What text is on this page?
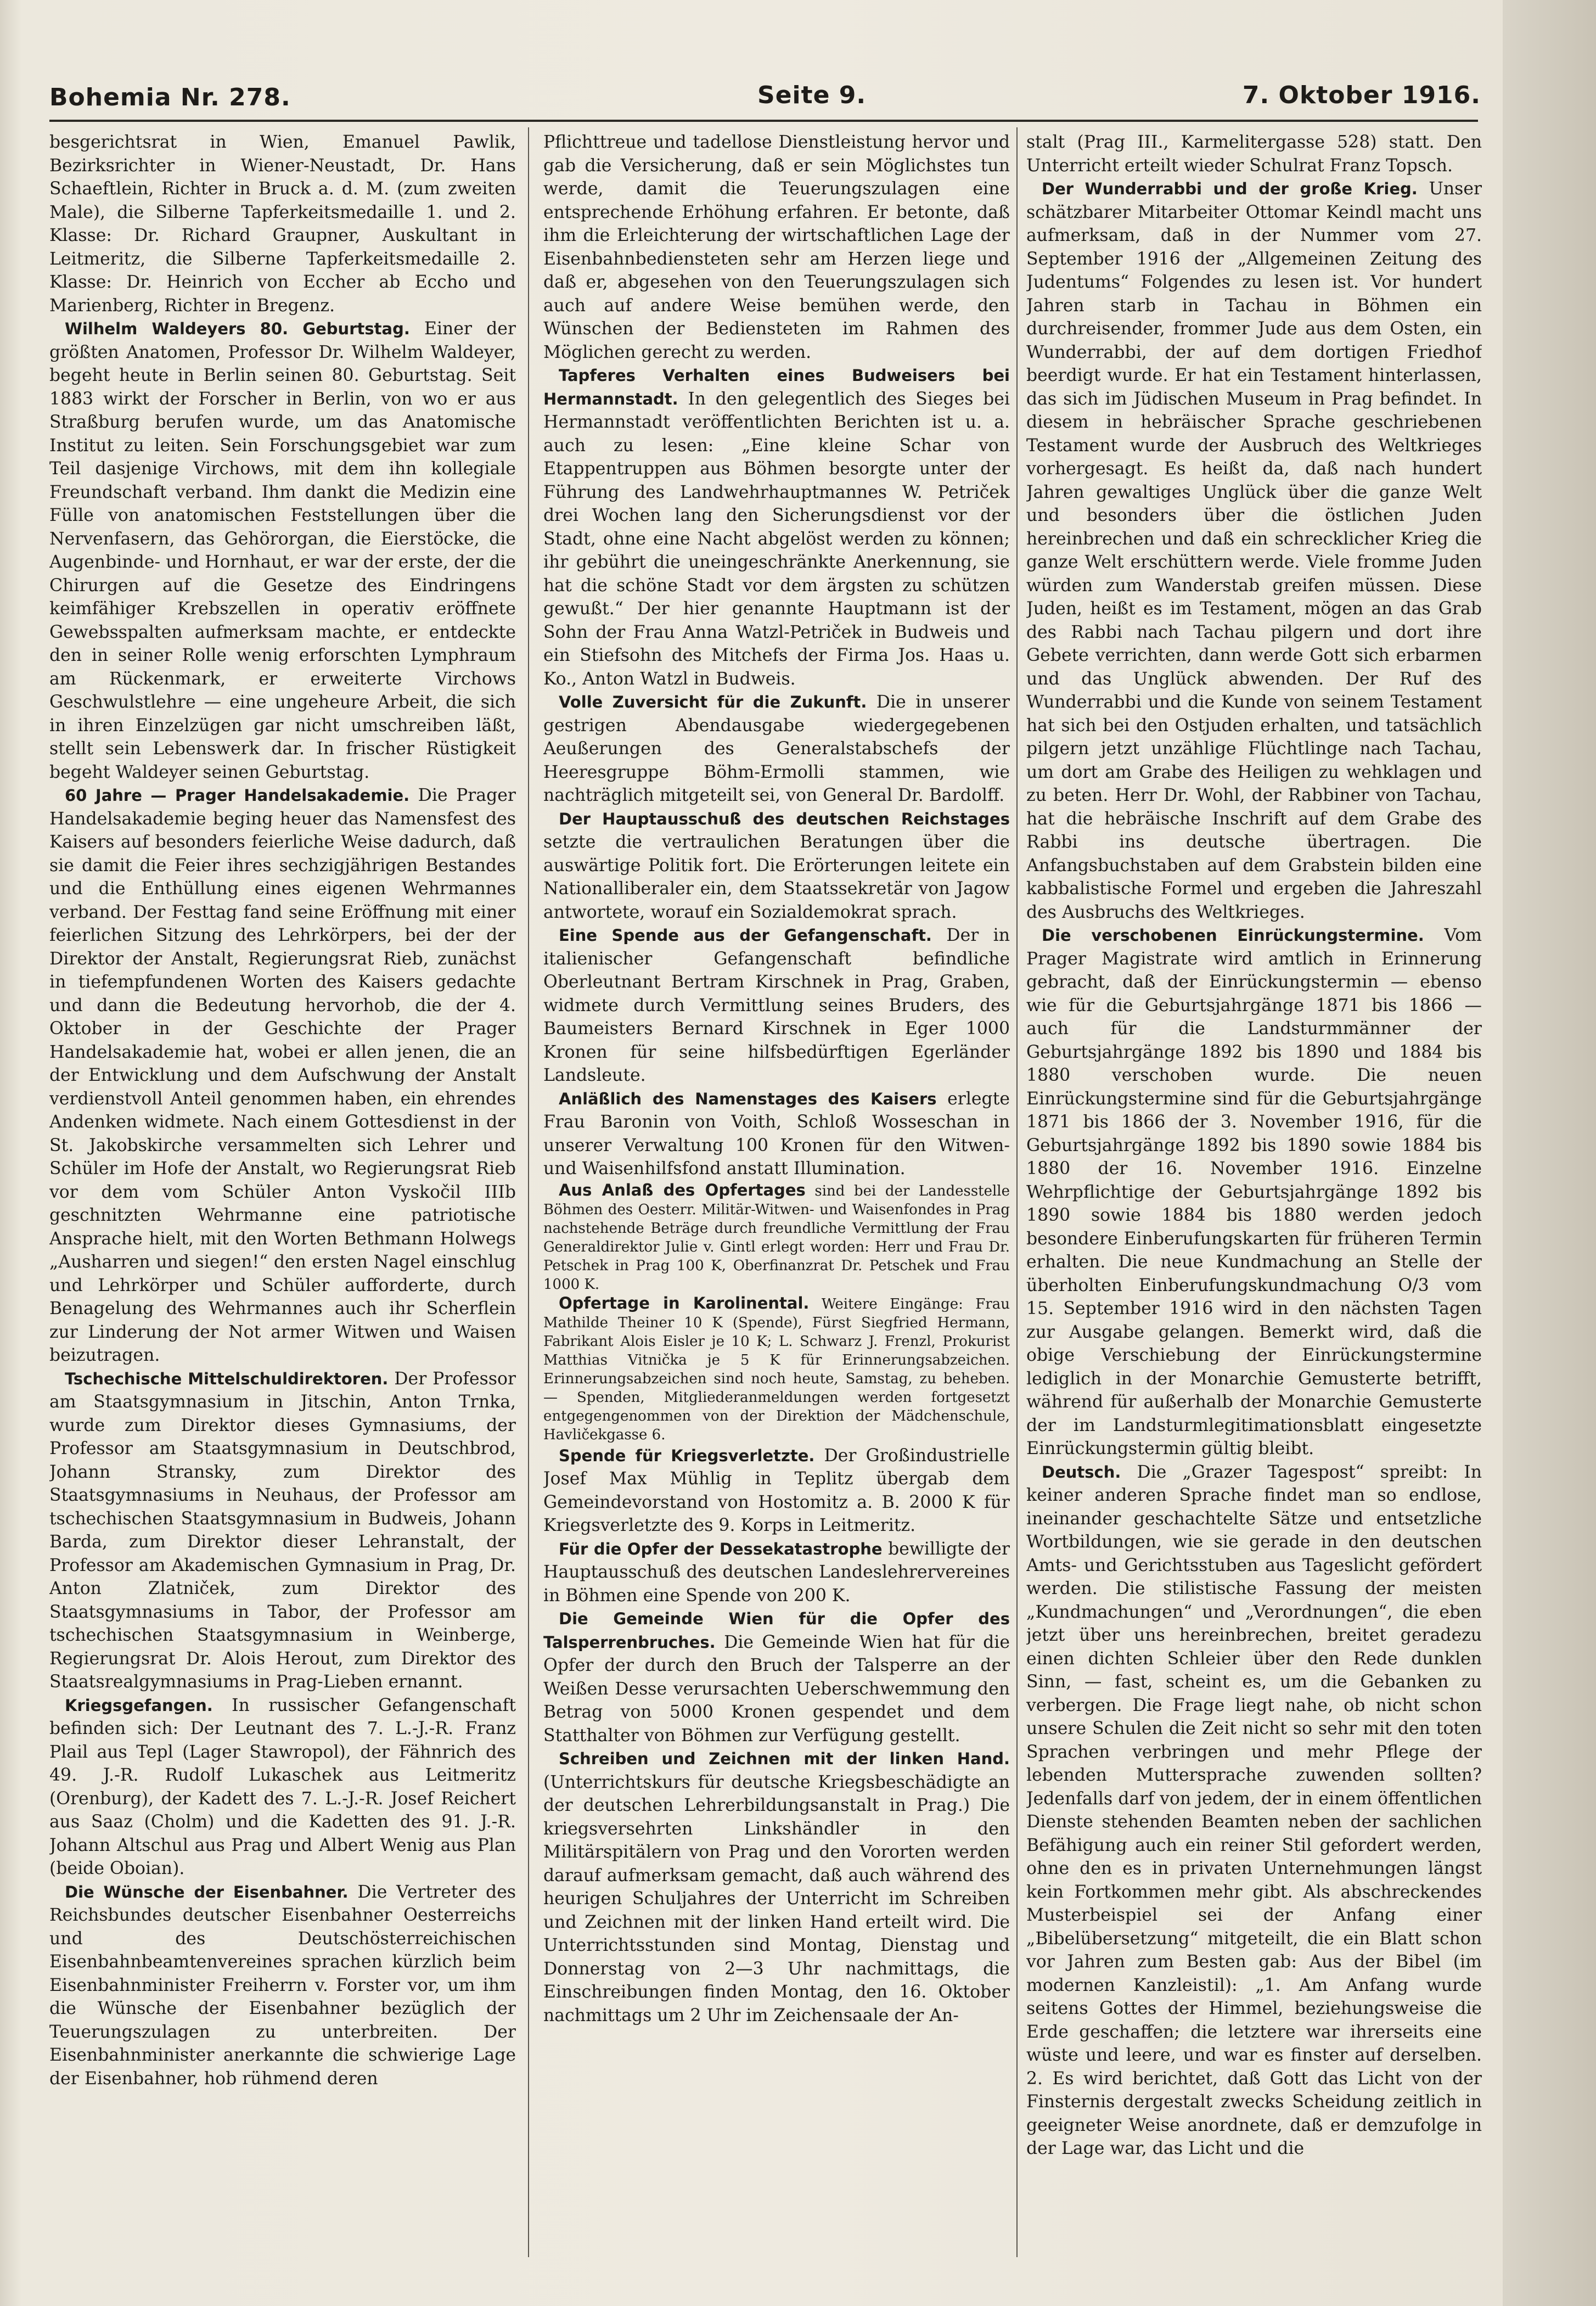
Bohemia Nr. 278.	Seite 9.	7. Oktober 1916.

besgerichtsrat in Wien, Emanuel Pawlik, Bezirksrichter in Wiener-Neustadt, Dr. Hans Schaeftlein, Richter in Bruck a. d. M. (zum zweiten Male), die Silberne Tapferkeitsmedaille 1. und 2. Klasse: Dr. Richard Graupner, Auskultant in Leitmeritz, die Silberne Tapferkeitsmedaille 2. Klasse: Dr. Heinrich von Eccher ab Eccho und Marienberg, Richter in Bregenz.

Wilhelm Waldeyers 80. Geburtstag. Einer der größten Anatomen, Professor Dr. Wilhelm Waldeyer, begeht heute in Berlin seinen 80. Geburtstag. Seit 1883 wirkt der Forscher in Berlin, von wo er aus Straßburg berufen wurde, um das Anatomische Institut zu leiten. Sein Forschungsgebiet war zum Teil dasjenige Virchows, mit dem ihn kollegiale Freundschaft verband. Ihm dankt die Medizin eine Fülle von anatomischen Feststellungen über die Nervenfasern, das Gehörorgan, die Eierstöcke, die Augenbinde- und Hornhaut, er war der erste, der die Chirurgen auf die Gesetze des Eindringens keimfähiger Krebszellen in operativ eröffnete Gewebsspalten aufmerksam machte, er entdeckte den in seiner Rolle wenig erforschten Lymphraum am Rückenmark, er erweiterte Virchows Geschwulstlehre — eine ungeheure Arbeit, die sich in ihren Einzelzügen gar nicht umschreiben läßt, stellt sein Lebenswerk dar. In frischer Rüstigkeit begeht Waldeyer seinen Geburtstag.

60 Jahre — Prager Handelsakademie. Die Prager Handelsakademie beging heuer das Namensfest des Kaisers auf besonders feierliche Weise dadurch, daß sie damit die Feier ihres sechzigjährigen Bestandes und die Enthüllung eines eigenen Wehrmannes verband. Der Festtag fand seine Eröffnung mit einer feierlichen Sitzung des Lehrkörpers, bei der der Direktor der Anstalt, Regierungsrat Rieb, zunächst in tiefempfundenen Worten des Kaisers gedachte und dann die Bedeutung hervorhob, die der 4. Oktober in der Geschichte der Prager Handelsakademie hat, wobei er allen jenen, die an der Entwicklung und dem Aufschwung der Anstalt verdienstvoll Anteil genommen haben, ein ehrendes Andenken widmete. Nach einem Gottesdienst in der St. Jakobskirche versammelten sich Lehrer und Schüler im Hofe der Anstalt, wo Regierungsrat Rieb vor dem vom Schüler Anton Vyskočil IIIb geschnitzten Wehrmanne eine patriotische Ansprache hielt, mit den Worten Bethmann Holwegs „Ausharren und siegen!“ den ersten Nagel einschlug und Lehrkörper und Schüler aufforderte, durch Benagelung des Wehrmannes auch ihr Scherflein zur Linderung der Not armer Witwen und Waisen beizutragen.

Tschechische Mittelschuldirektoren. Der Professor am Staatsgymnasium in Jitschin, Anton Trnka, wurde zum Direktor dieses Gymnasiums, der Professor am Staatsgymnasium in Deutschbrod, Johann Stransky, zum Direktor des Staatsgymnasiums in Neuhaus, der Professor am tschechischen Staatsgymnasium in Budweis, Johann Barda, zum Direktor dieser Lehranstalt, der Professor am Akademischen Gymnasium in Prag, Dr. Anton Zlatniček, zum Direktor des Staatsgymnasiums in Tabor, der Professor am tschechischen Staatsgymnasium in Weinberge, Regierungsrat Dr. Alois Herout, zum Direktor des Staatsrealgymnasiums in Prag-Lieben ernannt.

Kriegsgefangen. In russischer Gefangenschaft befinden sich: Der Leutnant des 7. L.-J.-R. Franz Plail aus Tepl (Lager Stawropol), der Fähnrich des 49. J.-R. Rudolf Lukaschek aus Leitmeritz (Orenburg), der Kadett des 7. L.-J.-R. Josef Reichert aus Saaz (Cholm) und die Kadetten des 91. J.-R. Johann Altschul aus Prag und Albert Wenig aus Plan (beide Oboian).

Die Wünsche der Eisenbahner. Die Vertreter des Reichsbundes deutscher Eisenbahner Oesterreichs und des Deutschösterreichischen Eisenbahnbeamtenvereines sprachen kürzlich beim Eisenbahnminister Freiherrn v. Forster vor, um ihm die Wünsche der Eisenbahner bezüglich der Teuerungszulagen zu unterbreiten. Der Eisenbahnminister anerkannte die schwierige Lage der Eisenbahner, hob rühmend deren

Pflichttreue und tadellose Dienstleistung hervor und gab die Versicherung, daß er sein Möglichstes tun werde, damit die Teuerungszulagen eine entsprechende Erhöhung erfahren. Er betonte, daß ihm die Erleichterung der wirtschaftlichen Lage der Eisenbahnbediensteten sehr am Herzen liege und daß er, abgesehen von den Teuerungszulagen sich auch auf andere Weise bemühen werde, den Wünschen der Bediensteten im Rahmen des Möglichen gerecht zu werden.

Tapferes Verhalten eines Budweisers bei Hermannstadt. In den gelegentlich des Sieges bei Hermannstadt veröffentlichten Berichten ist u. a. auch zu lesen: „Eine kleine Schar von Etappentruppen aus Böhmen besorgte unter der Führung des Landwehrhauptmannes W. Petriček drei Wochen lang den Sicherungsdienst vor der Stadt, ohne eine Nacht abgelöst werden zu können; ihr gebührt die uneingeschränkte Anerkennung, sie hat die schöne Stadt vor dem ärgsten zu schützen gewußt.“ Der hier genannte Hauptmann ist der Sohn der Frau Anna Watzl-Petriček in Budweis und ein Stiefsohn des Mitchefs der Firma Jos. Haas u. Ko., Anton Watzl in Budweis.

Volle Zuversicht für die Zukunft. Die in unserer gestrigen Abendausgabe wiedergegebenen Aeußerungen des Generalstabschefs der Heeresgruppe Böhm-Ermolli stammen, wie nachträglich mitgeteilt sei, von General Dr. Bardolff.

Der Hauptausschuß des deutschen Reichstages setzte die vertraulichen Beratungen über die auswärtige Politik fort. Die Erörterungen leitete ein Nationalliberaler ein, dem Staatssekretär von Jagow antwortete, worauf ein Sozialdemokrat sprach.

Eine Spende aus der Gefangenschaft. Der in italienischer Gefangenschaft befindliche Oberleutnant Bertram Kirschnek in Prag, Graben, widmete durch Vermittlung seines Bruders, des Baumeisters Bernard Kirschnek in Eger 1000 Kronen für seine hilfsbedürftigen Egerländer Landsleute.

Anläßlich des Namenstages des Kaisers erlegte Frau Baronin von Voith, Schloß Wosseschan in unserer Verwaltung 100 Kronen für den Witwen- und Waisenhilfsfond anstatt Illumination.

Aus Anlaß des Opfertages sind bei der Landesstelle Böhmen des Oesterr. Militär-Witwen- und Waisenfondes in Prag nachstehende Beträge durch freundliche Vermittlung der Frau Generaldirektor Julie v. Gintl erlegt worden: Herr und Frau Dr. Petschek in Prag 100 K, Oberfinanzrat Dr. Petschek und Frau 1000 K.

Opfertage in Karolinental. Weitere Eingänge: Frau Mathilde Theiner 10 K (Spende), Fürst Siegfried Hermann, Fabrikant Alois Eisler je 10 K; L. Schwarz J. Frenzl, Prokurist Matthias Vitnička je 5 K für Erinnerungsabzeichen. Erinnerungsabzeichen sind noch heute, Samstag, zu beheben. — Spenden, Mitgliederanmeldungen werden fortgesetzt entgegengenommen von der Direktion der Mädchenschule, Havličekgasse 6.

Spende für Kriegsverletzte. Der Großindustrielle Josef Max Mühlig in Teplitz übergab dem Gemeindevorstand von Hostomitz a. B. 2000 K für Kriegsverletzte des 9. Korps in Leitmeritz.

Für die Opfer der Dessekatastrophe bewilligte der Hauptausschuß des deutschen Landeslehrervereines in Böhmen eine Spende von 200 K.

Die Gemeinde Wien für die Opfer des Talsperrenbruches. Die Gemeinde Wien hat für die Opfer der durch den Bruch der Talsperre an der Weißen Desse verursachten Ueberschwemmung den Betrag von 5000 Kronen gespendet und dem Statthalter von Böhmen zur Verfügung gestellt.

Schreiben und Zeichnen mit der linken Hand. (Unterrichtskurs für deutsche Kriegsbeschädigte an der deutschen Lehrerbildungsanstalt in Prag.) Die kriegsversehrten Linkshändler in den Militärspitälern von Prag und den Vororten werden darauf aufmerksam gemacht, daß auch während des heurigen Schuljahres der Unterricht im Schreiben und Zeichnen mit der linken Hand erteilt wird. Die Unterrichtsstunden sind Montag, Dienstag und Donnerstag von 2—3 Uhr nachmittags, die Einschreibungen finden Montag, den 16. Oktober nachmittags um 2 Uhr im Zeichensaale der An-

stalt (Prag III., Karmelitergasse 528) statt. Den Unterricht erteilt wieder Schulrat Franz Topsch.

Der Wunderrabbi und der große Krieg. Unser schätzbarer Mitarbeiter Ottomar Keindl macht uns aufmerksam, daß in der Nummer vom 27. September 1916 der „Allgemeinen Zeitung des Judentums“ Folgendes zu lesen ist. Vor hundert Jahren starb in Tachau in Böhmen ein durchreisender, frommer Jude aus dem Osten, ein Wunderrabbi, der auf dem dortigen Friedhof beerdigt wurde. Er hat ein Testament hinterlassen, das sich im Jüdischen Museum in Prag befindet. In diesem in hebräischer Sprache geschriebenen Testament wurde der Ausbruch des Weltkrieges vorhergesagt. Es heißt da, daß nach hundert Jahren gewaltiges Unglück über die ganze Welt und besonders über die östlichen Juden hereinbrechen und daß ein schrecklicher Krieg die ganze Welt erschüttern werde. Viele fromme Juden würden zum Wanderstab greifen müssen. Diese Juden, heißt es im Testament, mögen an das Grab des Rabbi nach Tachau pilgern und dort ihre Gebete verrichten, dann werde Gott sich erbarmen und das Unglück abwenden. Der Ruf des Wunderrabbi und die Kunde von seinem Testament hat sich bei den Ostjuden erhalten, und tatsächlich pilgern jetzt unzählige Flüchtlinge nach Tachau, um dort am Grabe des Heiligen zu wehklagen und zu beten. Herr Dr. Wohl, der Rabbiner von Tachau, hat die hebräische Inschrift auf dem Grabe des Rabbi ins deutsche übertragen. Die Anfangsbuchstaben auf dem Grabstein bilden eine kabbalistische Formel und ergeben die Jahreszahl des Ausbruchs des Weltkrieges.

Die verschobenen Einrückungstermine. Vom Prager Magistrate wird amtlich in Erinnerung gebracht, daß der Einrückungstermin — ebenso wie für die Geburtsjahrgänge 1871 bis 1866 — auch für die Landsturmmänner der Geburtsjahrgänge 1892 bis 1890 und 1884 bis 1880 verschoben wurde. Die neuen Einrückungstermine sind für die Geburtsjahrgänge 1871 bis 1866 der 3. November 1916, für die Geburtsjahrgänge 1892 bis 1890 sowie 1884 bis 1880 der 16. November 1916. Einzelne Wehrpflichtige der Geburtsjahrgänge 1892 bis 1890 sowie 1884 bis 1880 werden jedoch besondere Einberufungskarten für früheren Termin erhalten. Die neue Kundmachung an Stelle der überholten Einberufungskundmachung O/3 vom 15. September 1916 wird in den nächsten Tagen zur Ausgabe gelangen. Bemerkt wird, daß die obige Verschiebung der Einrückungstermine lediglich in der Monarchie Gemusterte betrifft, während für außerhalb der Monarchie Gemusterte der im Landsturmlegitimationsblatt eingesetzte Einrückungstermin gültig bleibt.

Deutsch. Die „Grazer Tagespost“ spreibt: In keiner anderen Sprache findet man so endlose, ineinander geschachtelte Sätze und entsetzliche Wortbildungen, wie sie gerade in den deutschen Amts- und Gerichtsstuben aus Tageslicht gefördert werden. Die stilistische Fassung der meisten „Kundmachungen“ und „Verordnungen“, die eben jetzt über uns hereinbrechen, breitet geradezu einen dichten Schleier über den Rede dunklen Sinn, — fast, scheint es, um die Gebanken zu verbergen. Die Frage liegt nahe, ob nicht schon unsere Schulen die Zeit nicht so sehr mit den toten Sprachen verbringen und mehr Pflege der lebenden Muttersprache zuwenden sollten? Jedenfalls darf von jedem, der in einem öffentlichen Dienste stehenden Beamten neben der sachlichen Befähigung auch ein reiner Stil gefordert werden, ohne den es in privaten Unternehmungen längst kein Fortkommen mehr gibt. Als abschreckendes Musterbeispiel sei der Anfang einer „Bibelübersetzung“ mitgeteilt, die ein Blatt schon vor Jahren zum Besten gab: Aus der Bibel (im modernen Kanzleistil): „1. Am Anfang wurde seitens Gottes der Himmel, beziehungsweise die Erde geschaffen; die letztere war ihrerseits eine wüste und leere, und war es finster auf derselben. 2. Es wird berichtet, daß Gott das Licht von der Finsternis dergestalt zwecks Scheidung zeitlich in geeigneter Weise anordnete, daß er demzufolge in der Lage war, das Licht und die
